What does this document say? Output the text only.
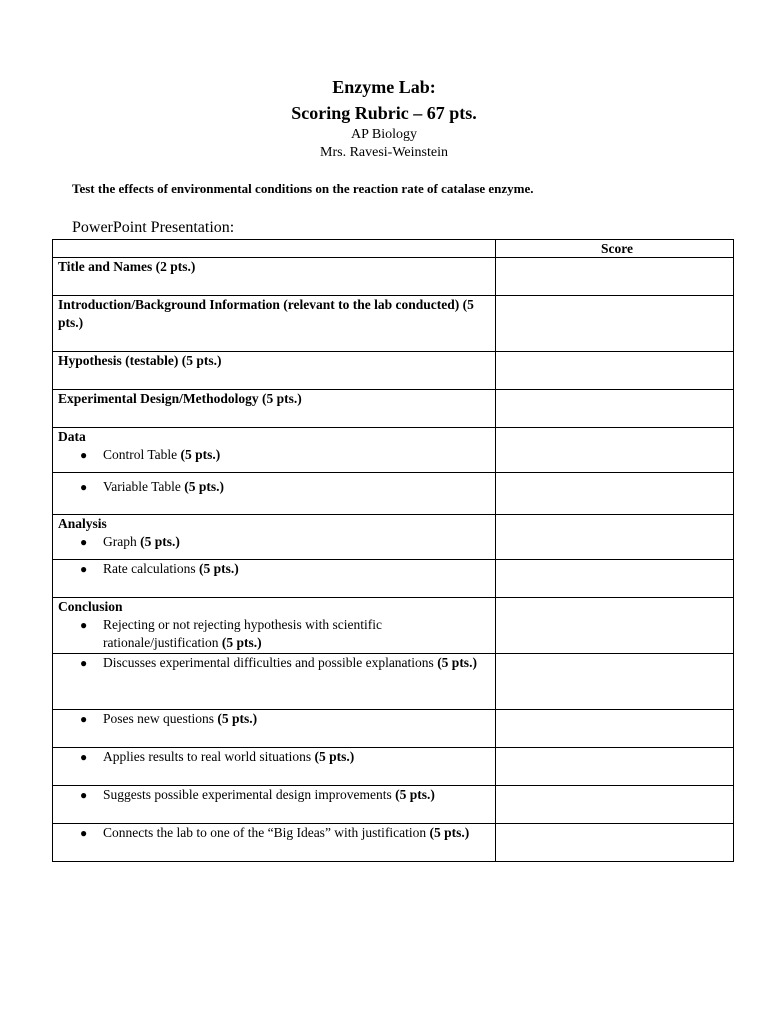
Enzyme Lab:
Scoring Rubric – 67 pts.
AP Biology
Mrs. Ravesi-Weinstein
Test the effects of environmental conditions on the reaction rate of catalase enzyme.
PowerPoint Presentation:
	Score
Title and Names (2 pts.)	
Introduction/Background Information (relevant to the lab conducted) (5 pts.)	
Hypothesis (testable) (5 pts.)	
Experimental Design/Methodology (5 pts.)	

Data
● Control Table (5 pts.)	

● Variable Table (5 pts.)	

Analysis
● Graph (5 pts.)	

● Rate calculations (5 pts.)	

Conclusion
● Rejecting or not rejecting hypothesis with scientific rationale/justification (5 pts.)	

● Discusses experimental difficulties and possible explanations (5 pts.)	

● Poses new questions (5 pts.)	

● Applies results to real world situations (5 pts.)	

● Suggests possible experimental design improvements (5 pts.)	

● Connects the lab to one of the “Big Ideas” with justification (5 pts.)	
